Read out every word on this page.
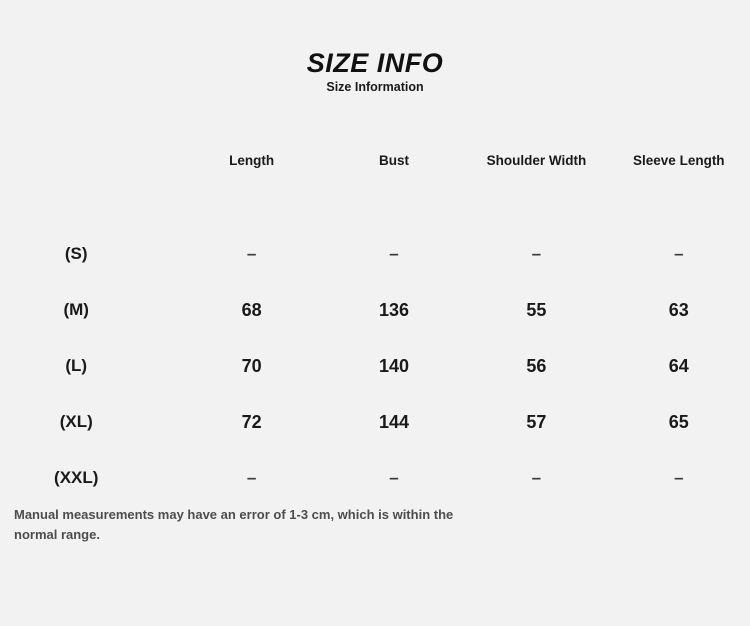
SIZE INFO
Size Information
	Length	Bust	Shoulder Width	Sleeve Length

(S)	–	–	–	–
(M)	68	136	55	63
(L)	70	140	56	64
(XL)	72	144	57	65
(XXL)	–	–	–	–
Manual measurements may have an error of 1-3 cm, which is within the normal range.
